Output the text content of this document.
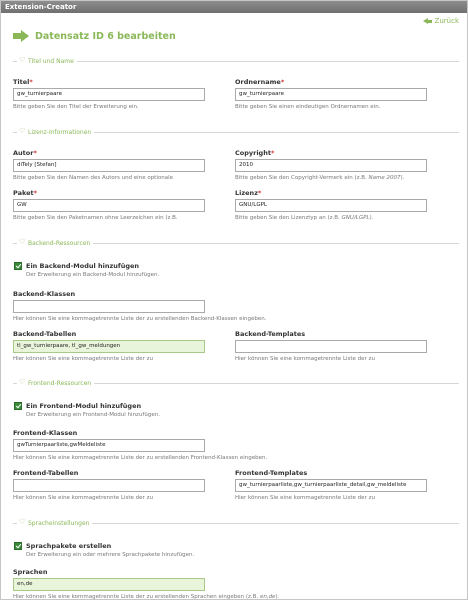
Extension-Creator
Zurück
Datensatz ID 6 bearbeiten
♡
Titel und Name
Titel*
gw_turnierpaare
Bitte geben Sie den Titel der Erweiterung ein.
Ordnername*
gw_turnierpaare
Bitte geben Sie einen eindeutigen Ordnernamen ein.
♡
Lizenz-Informationen
Autor*
diTely [Stefan]
Bitte geben Sie den Namen des Autors und eine optionale
Copyright*
2010
Bitte geben Sie den Copyright-Vermerk ein (z.B. Name 2007).
Paket*
GW
Bitte geben Sie den Paketnamen ohne Leerzeichen ein (z.B.
Lizenz*
GNU/LGPL
Bitte geben Sie den Lizenztyp an (z.B. GNU/LGPL).
♡
Backend-Ressourcen
Ein Backend-Modul hinzufügen
Der Erweiterung ein Backend-Modul hinzufügen.
Backend-Klassen
Hier können Sie eine kommagetrennte Liste der zu erstellenden Backend-Klassen eingeben.
Backend-Tabellen
tl_gw_turnierpaare, tl_gw_meldungen
Hier können Sie eine kommagetrennte Liste der zu
Backend-Templates
Hier können Sie eine kommagetrennte Liste der zu
♡
Frontend-Ressourcen
Ein Frontend-Modul hinzufügen
Der Erweiterung ein Frontend-Modul hinzufügen.
Frontend-Klassen
gwTurnierpaarliste,gwMeldeliste
Hier können Sie eine kommagetrennte Liste der zu erstellenden Frontend-Klassen eingeben.
Frontend-Tabellen
Hier können Sie eine kommagetrennte Liste der zu
Frontend-Templates
gw_turnierpaarliste,gw_turnierpaarliste_detail,gw_meldeliste
Hier können Sie eine kommagetrennte Liste der zu
♡
Spracheinstellungen
Sprachpakete erstellen
Der Erweiterung ein oder mehrere Sprachpakete hinzufügen.
Sprachen
en,de
Hier können Sie eine kommagetrennte Liste der zu erstellenden Sprachen eingeben (z.B. en,de).
